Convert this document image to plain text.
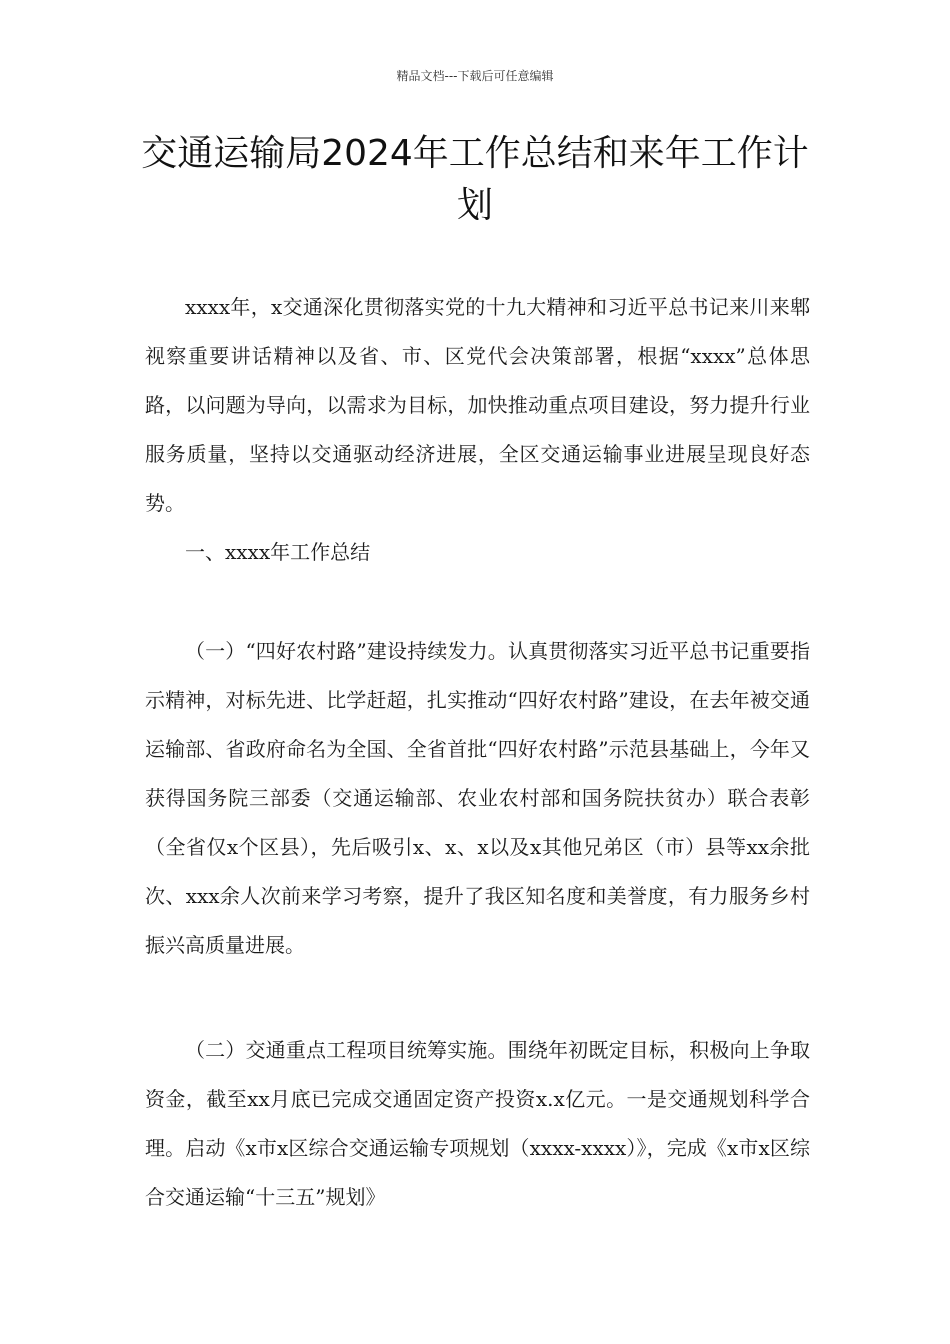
精品文档---下载后可任意编辑
交通运输局2024年工作总结和来年工作计划

xxxx年，x交通深化贯彻落实党的十九大精神和习近平总书记来川来郫视察重要讲话精神以及省、市、区党代会决策部署，根据“xxxx”总体思路，以问题为导向，以需求为目标，加快推动重点项目建设，努力提升行业服务质量，坚持以交通驱动经济进展，全区交通运输事业进展呈现良好态势。

一、xxxx年工作总结

（一）“四好农村路”建设持续发力。认真贯彻落实习近平总书记重要指示精神，对标先进、比学赶超，扎实推动“四好农村路”建设，在去年被交通运输部、省政府命名为全国、全省首批“四好农村路”示范县基础上，今年又获得国务院三部委（交通运输部、农业农村部和国务院扶贫办）联合表彰（全省仅x个区县），先后吸引x、x、x以及x其他兄弟区（市）县等xx余批次、xxx余人次前来学习考察，提升了我区知名度和美誉度，有力服务乡村振兴高质量进展。

（二）交通重点工程项目统筹实施。围绕年初既定目标，积极向上争取资金，截至xx月底已完成交通固定资产投资x.x亿元。一是交通规划科学合理。启动《x市x区综合交通运输专项规划（xxxx-xxxx）》，完成《x市x区综合交通运输“十三五”规划》
